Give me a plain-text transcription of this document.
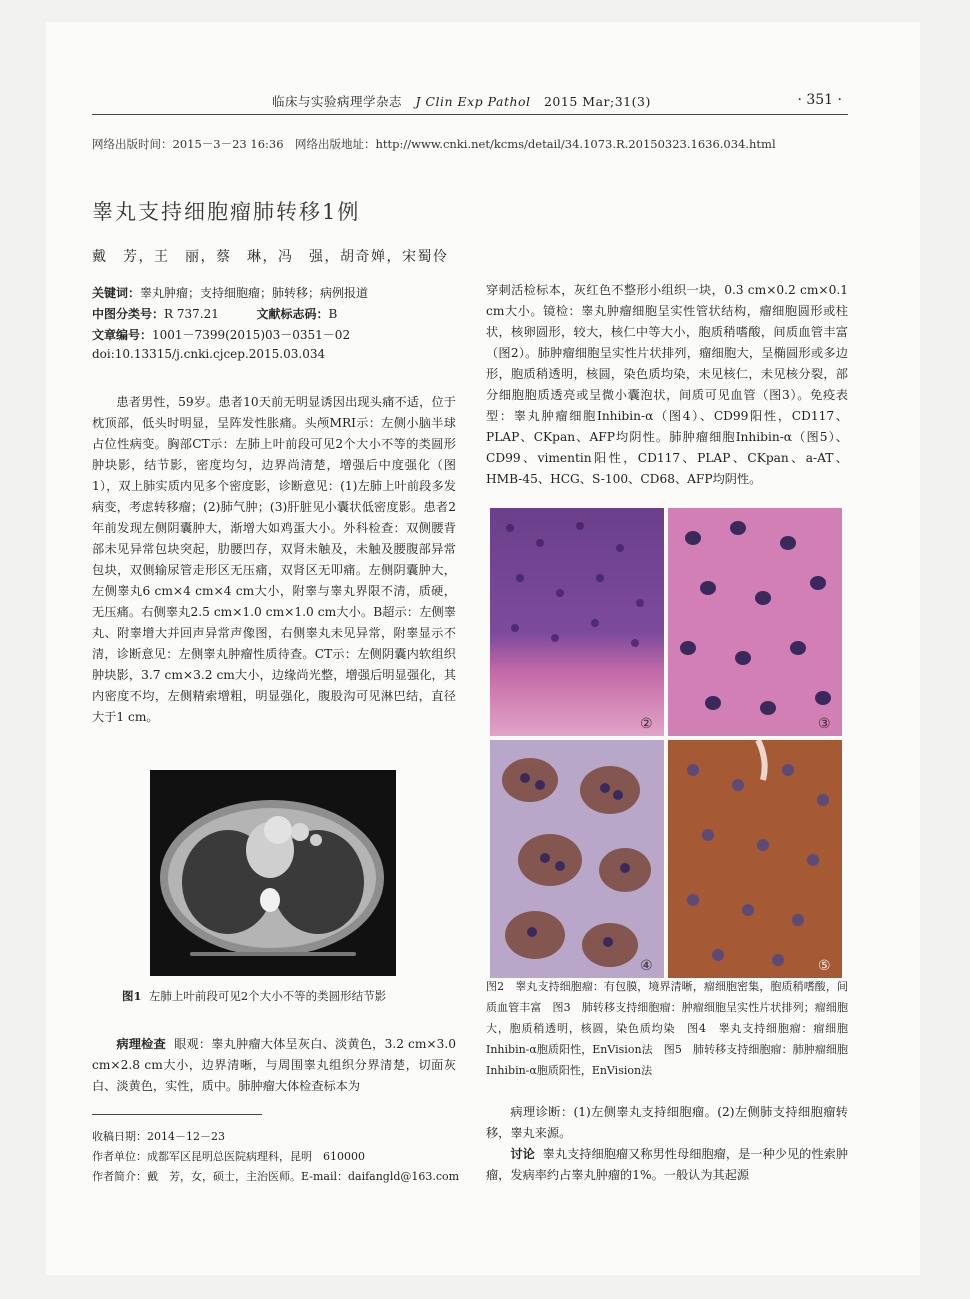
临床与实验病理学杂志 J Clin Exp Pathol 2015 Mar;31(3)	· 351 ·
网络出版时间：2015－3－23 16:36　网络出版地址：http://www.cnki.net/kcms/detail/34.1073.R.20150323.1636.034.html
睾丸支持细胞瘤肺转移1例
戴　芳，王　丽，蔡　琳，冯　强，胡奇婵，宋蜀伶
关键词：睾丸肿瘤；支持细胞瘤；肺转移；病例报道
中图分类号：R 737.21	文献标志码：B
文章编号：1001－7399(2015)03－0351－02
doi:10.13315/j.cnki.cjcep.2015.03.034

患者男性，59岁。患者10天前无明显诱因出现头痛不适，位于枕顶部，低头时明显，呈阵发性胀痛。头颅MRI示：左侧小脑半球占位性病变。胸部CT示：左肺上叶前段可见2个大小不等的类圆形肿块影，结节影，密度均匀，边界尚清楚，增强后中度强化（图1），双上肺实质内见多个密度影，诊断意见：(1)左肺上叶前段多发病变，考虑转移瘤；(2)肺气肿；(3)肝脏见小囊状低密度影。患者2年前发现左侧阴囊肿大，渐增大如鸡蛋大小。外科检查：双侧腰背部未见异常包块突起，肋腰凹存，双肾未触及，未触及腰腹部异常包块，双侧输尿管走形区无压痛，双肾区无叩痛。左侧阴囊肿大，左侧睾丸6 cm×4 cm×4 cm大小，附睾与睾丸界限不清，质硬，无压痛。右侧睾丸2.5 cm×1.0 cm×1.0 cm大小。B超示：左侧睾丸、附睾增大并回声异常声像图，右侧睾丸未见异常，附睾显示不清，诊断意见：左侧睾丸肿瘤性质待查。CT示：左侧阴囊内软组织肿块影，3.7 cm×3.2 cm大小，边缘尚光整，增强后明显强化，其内密度不均，左侧精索增粗，明显强化，腹股沟可见淋巴结，直径大于1 cm。

图1 左肺上叶前段可见2个大小不等的类圆形结节影

病理检查 眼观：睾丸肿瘤大体呈灰白、淡黄色，3.2 cm×3.0 cm×2.8 cm大小，边界清晰，与周围睾丸组织分界清楚，切面灰白、淡黄色，实性，质中。肺肿瘤大体检查标本为

收稿日期：2014－12－23
作者单位：成都军区昆明总医院病理科，昆明　610000
作者简介：戴　芳，女，硕士，主治医师。E-mail：daifangld@163.com

穿刺活检标本，灰红色不整形小组织一块，0.3 cm×0.2 cm×0.1 cm大小。镜检：睾丸肿瘤细胞呈实性管状结构，瘤细胞圆形或柱状，核卵圆形，较大，核仁中等大小，胞质稍嗜酸，间质血管丰富（图2）。肺肿瘤细胞呈实性片状排列，瘤细胞大，呈椭圆形或多边形，胞质稍透明，核圆，染色质均染，未见核仁，未见核分裂，部分细胞胞质透亮或呈微小囊泡状，间质可见血管（图3）。免疫表型：睾丸肿瘤细胞Inhibin-α（图4）、CD99阳性，CD117、PLAP、CKpan、AFP均阴性。肺肿瘤细胞Inhibin-α（图5）、CD99、vimentin阳性，CD117、PLAP、CKpan、a-AT、HMB-45、HCG、S-100、CD68、AFP均阴性。

②	③
④	⑤
图2　睾丸支持细胞瘤：有包膜，境界清晰，瘤细胞密集，胞质稍嗜酸，间质血管丰富　图3　肺转移支持细胞瘤：肿瘤细胞呈实性片状排列；瘤细胞大，胞质稍透明，核圆，染色质均染　图4　睾丸支持细胞瘤：瘤细胞Inhibin-α胞质阳性，EnVision法　图5　肺转移支持细胞瘤：肺肿瘤细胞Inhibin-α胞质阳性，EnVision法

病理诊断：(1)左侧睾丸支持细胞瘤。(2)左侧肺支持细胞瘤转移，睾丸来源。

讨论 睾丸支持细胞瘤又称男性母细胞瘤，是一种少见的性索肿瘤，发病率约占睾丸肿瘤的1%。一般认为其起源
